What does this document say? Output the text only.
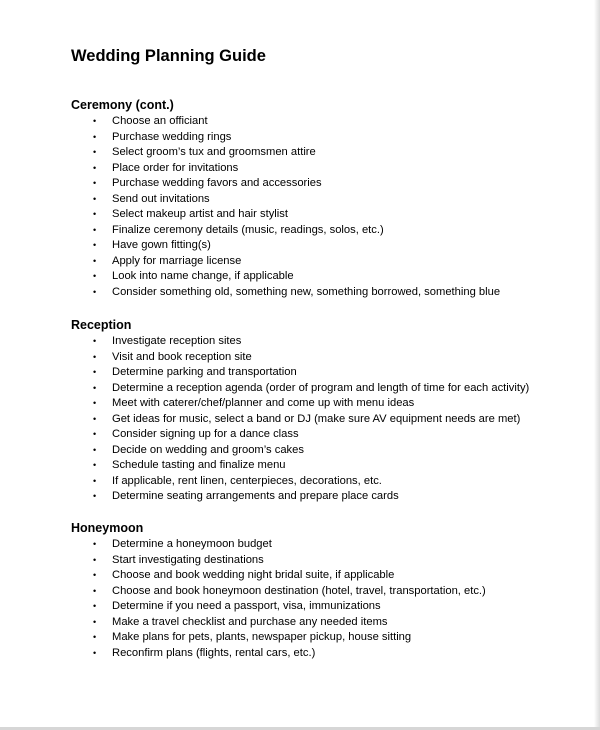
Wedding Planning Guide
Ceremony (cont.)
• Choose an officiant
• Purchase wedding rings
• Select groom’s tux and groomsmen attire
• Place order for invitations
• Purchase wedding favors and accessories
• Send out invitations
• Select makeup artist and hair stylist
• Finalize ceremony details (music, readings, solos, etc.)
• Have gown fitting(s)
• Apply for marriage license
• Look into name change, if applicable
• Consider something old, something new, something borrowed, something blue
Reception
• Investigate reception sites
• Visit and book reception site
• Determine parking and transportation
• Determine a reception agenda (order of program and length of time for each activity)
• Meet with caterer/chef/planner and come up with menu ideas
• Get ideas for music, select a band or DJ (make sure AV equipment needs are met)
• Consider signing up for a dance class
• Decide on wedding and groom’s cakes
• Schedule tasting and finalize menu
• If applicable, rent linen, centerpieces, decorations, etc.
• Determine seating arrangements and prepare place cards
Honeymoon
• Determine a honeymoon budget
• Start investigating destinations
• Choose and book wedding night bridal suite, if applicable
• Choose and book honeymoon destination (hotel, travel, transportation, etc.)
• Determine if you need a passport, visa, immunizations
• Make a travel checklist and purchase any needed items
• Make plans for pets, plants, newspaper pickup, house sitting
• Reconfirm plans (flights, rental cars, etc.)
